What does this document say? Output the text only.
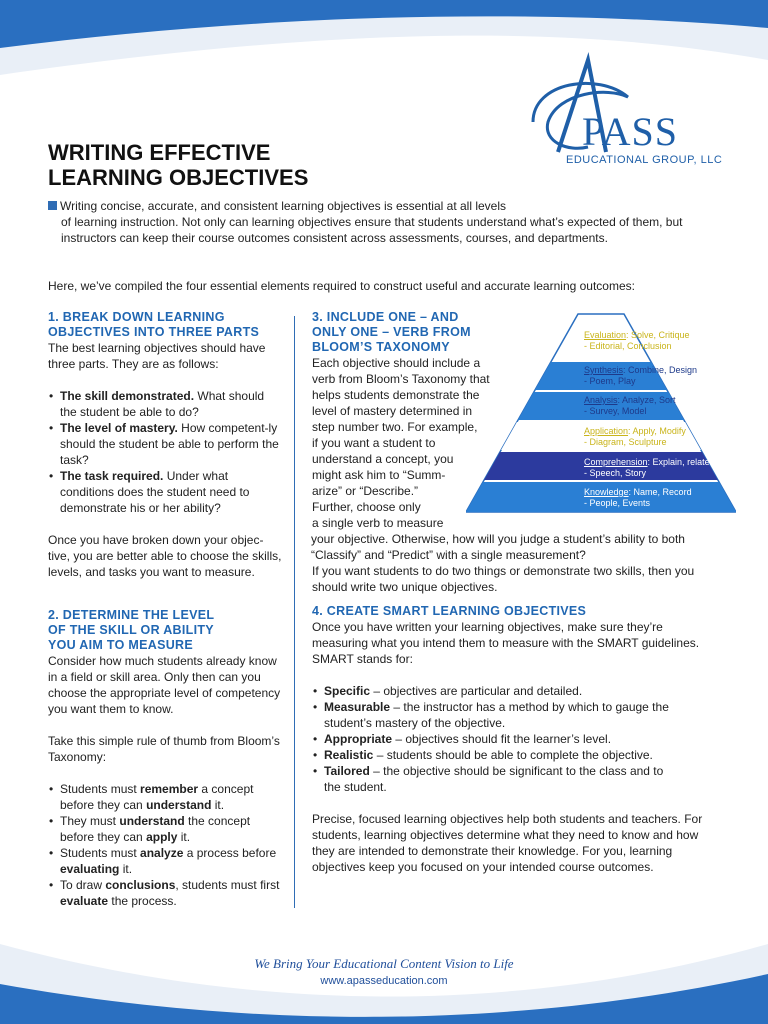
PASS
EDUCATIONAL GROUP, LLC
WRITING EFFECTIVE
LEARNING OBJECTIVES
Writing concise, accurate, and consistent learning objectives is essential at all levels
of learning instruction. Not only can learning objectives ensure that students understand what’s expected of them, but instructors can keep their course outcomes consistent across assessments, courses, and departments.
Here, we’ve compiled the four essential elements required to construct useful and accurate learning outcomes:
1. BREAK DOWN LEARNING
OBJECTIVES INTO THREE PARTS
The best learning objectives should have three parts. They are as follows:
• The skill demonstrated. What should the student be able to do?
• The level of mastery. How competent-ly should the student be able to perform the task?
• The task required. Under what conditions does the student need to demonstrate his or her ability?
Once you have broken down your objec-tive, you are better able to choose the skills, levels, and tasks you want to measure.
2. DETERMINE THE LEVEL
OF THE SKILL OR ABILITY
YOU AIM TO MEASURE
Consider how much students already know in a field or skill area. Only then can you choose the appropriate level of competency you want them to know.
Take this simple rule of thumb from Bloom’s Taxonomy:
• Students must remember a concept before they can understand it.
• They must understand the concept before they can apply it.
• Students must analyze a process before evaluating it.
• To draw conclusions, students must first evaluate the process.
3. INCLUDE ONE – AND
ONLY ONE – VERB FROM
BLOOM’S TAXONOMY
Each objective should include a
verb from Bloom’s Taxonomy that
helps students demonstrate the
level of mastery determined in
step number two. For example,
if you want a student to
understand a concept, you
might ask him to “Summ-
arize” or “Describe.”
Further, choose only
a single verb to measure
your objective. Otherwise, how will you judge a student’s ability to both “Classify” and “Predict” with a single measurement?
If you want students to do two things or demonstrate two skills, then you should write two unique objectives.
Evaluation: Solve, Critique
- Editorial, Conclusion
Synthesis: Combine, Design
- Poem, Play
Analysis: Analyze, Sort
- Survey, Model
Application: Apply, Modify
- Diagram, Sculpture
Comprehension: Explain, relate
- Speech, Story
Knowledge: Name, Record
- People, Events
4. CREATE SMART LEARNING OBJECTIVES
Once you have written your learning objectives, make sure they’re measuring what you intend them to measure with the SMART guidelines. SMART stands for:
• Specific – objectives are particular and detailed.
• Measurable – the instructor has a method by which to gauge the student’s mastery of the objective.
• Appropriate – objectives should fit the learner’s level.
• Realistic – students should be able to complete the objective.
• Tailored – the objective should be significant to the class and to the student.
Precise, focused learning objectives help both students and teachers. For students, learning objectives determine what they need to know and how they are intended to demonstrate their knowledge. For you, learning objectives keep you focused on your intended course outcomes.
We Bring Your Educational Content Vision to Life
www.apasseducation.com
